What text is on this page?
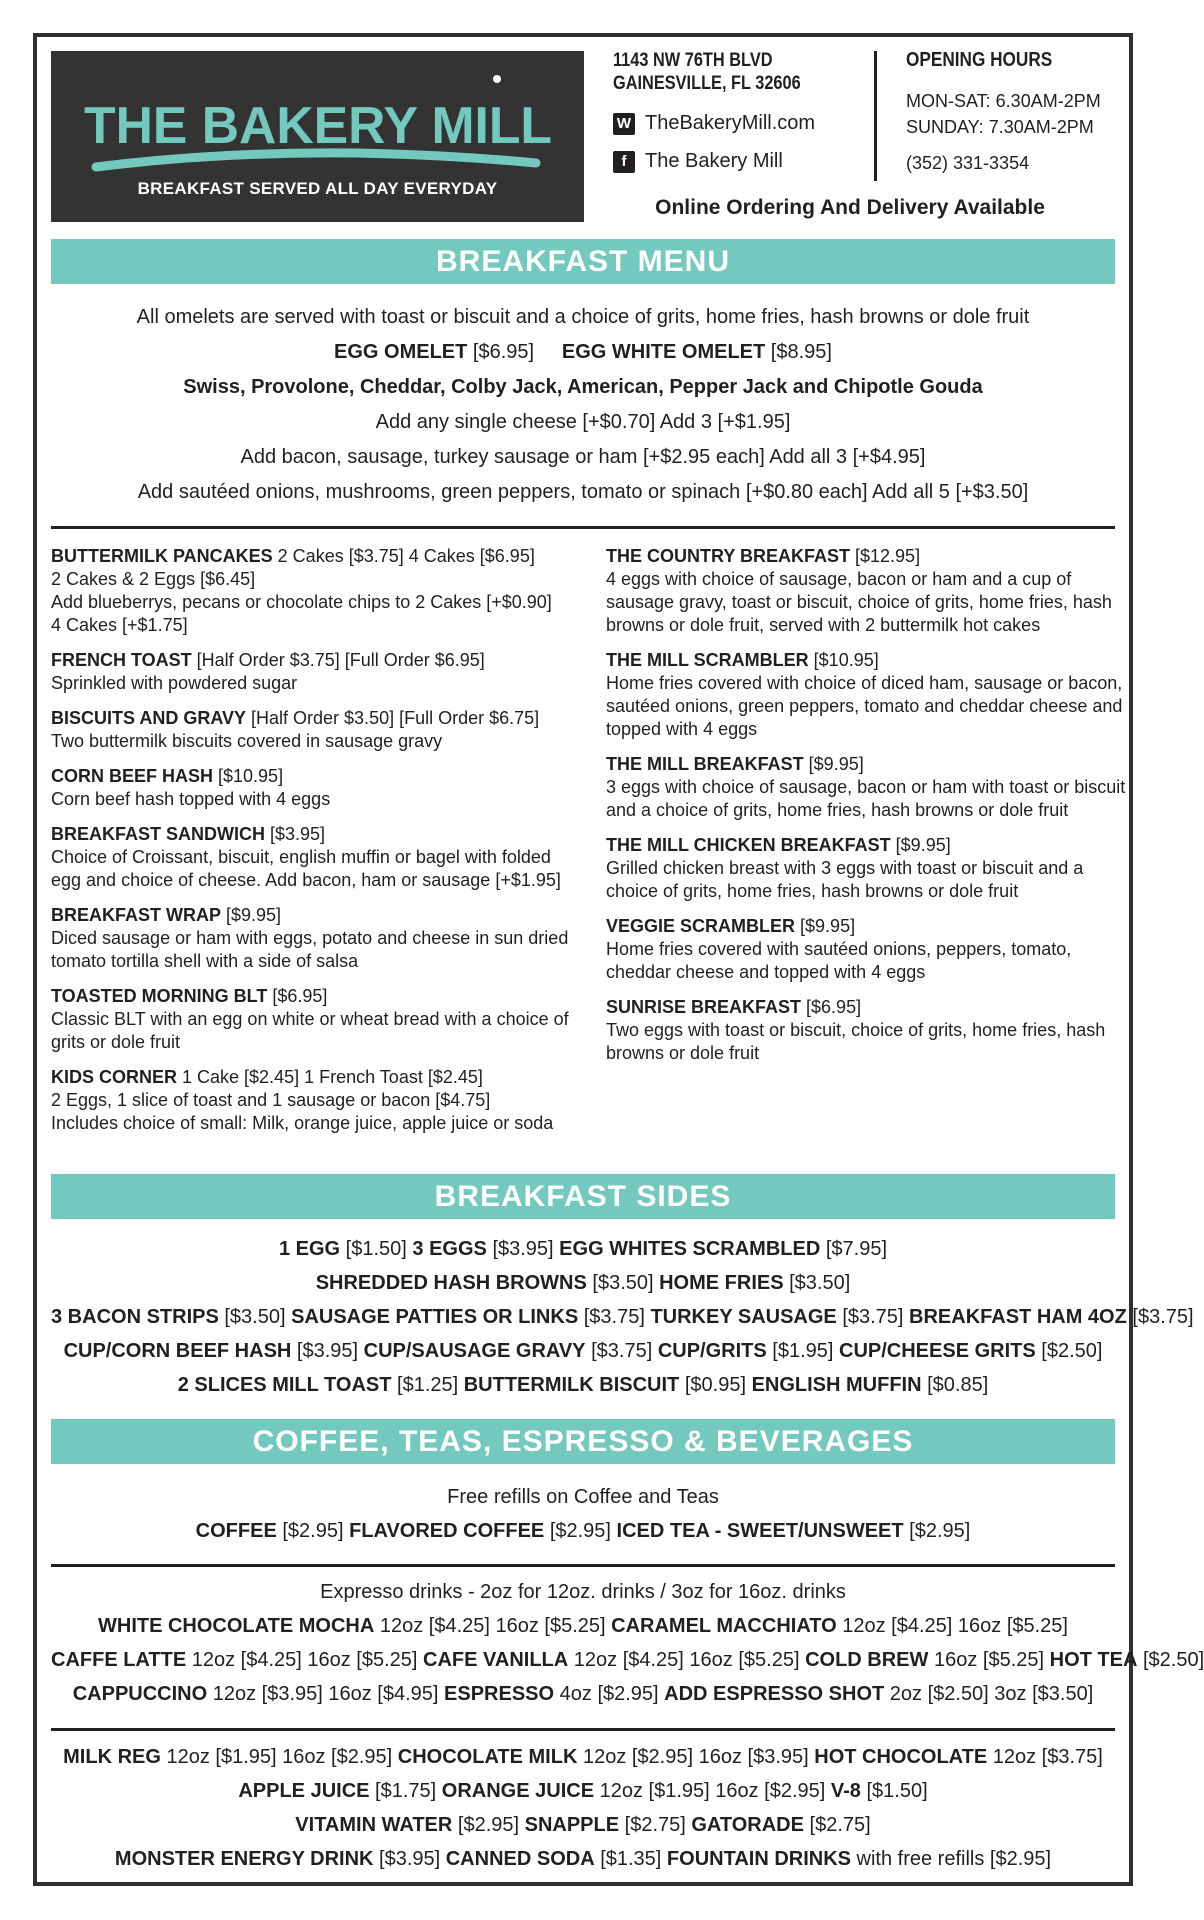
THE BAKERY MILL
BREAKFAST SERVED ALL DAY EVERYDAY
1143 NW 76TH BLVD
GAINESVILLE, FL 32606
W TheBakeryMill.com
f The Bakery Mill
OPENING HOURS
MON-SAT: 6.30AM-2PM
SUNDAY: 7.30AM-2PM
(352) 331-3354
Online Ordering And Delivery Available
BREAKFAST MENU
All omelets are served with toast or biscuit and a choice of grits, home fries, hash browns or dole fruit
EGG OMELET [$6.95] EGG WHITE OMELET [$8.95]
Swiss, Provolone, Cheddar, Colby Jack, American, Pepper Jack and Chipotle Gouda
Add any single cheese [+$0.70] Add 3 [+$1.95]
Add bacon, sausage, turkey sausage or ham [+$2.95 each] Add all 3 [+$4.95]
Add sautéed onions, mushrooms, green peppers, tomato or spinach [+$0.80 each] Add all 5 [+$3.50]
BUTTERMILK PANCAKES 2 Cakes [$3.75] 4 Cakes [$6.95]
2 Cakes & 2 Eggs [$6.45]
Add blueberrys, pecans or chocolate chips to 2 Cakes [+$0.90]
4 Cakes [+$1.75]
FRENCH TOAST [Half Order $3.75] [Full Order $6.95]
Sprinkled with powdered sugar
BISCUITS AND GRAVY [Half Order $3.50] [Full Order $6.75]
Two buttermilk biscuits covered in sausage gravy
CORN BEEF HASH [$10.95]
Corn beef hash topped with 4 eggs
BREAKFAST SANDWICH [$3.95]
Choice of Croissant, biscuit, english muffin or bagel with folded
egg and choice of cheese. Add bacon, ham or sausage [+$1.95]
BREAKFAST WRAP [$9.95]
Diced sausage or ham with eggs, potato and cheese in sun dried
tomato tortilla shell with a side of salsa
TOASTED MORNING BLT [$6.95]
Classic BLT with an egg on white or wheat bread with a choice of
grits or dole fruit
KIDS CORNER 1 Cake [$2.45] 1 French Toast [$2.45]
2 Eggs, 1 slice of toast and 1 sausage or bacon [$4.75]
Includes choice of small: Milk, orange juice, apple juice or soda
THE COUNTRY BREAKFAST [$12.95]
4 eggs with choice of sausage, bacon or ham and a cup of
sausage gravy, toast or biscuit, choice of grits, home fries, hash
browns or dole fruit, served with 2 buttermilk hot cakes
THE MILL SCRAMBLER [$10.95]
Home fries covered with choice of diced ham, sausage or bacon,
sautéed onions, green peppers, tomato and cheddar cheese and
topped with 4 eggs
THE MILL BREAKFAST [$9.95]
3 eggs with choice of sausage, bacon or ham with toast or biscuit
and a choice of grits, home fries, hash browns or dole fruit
THE MILL CHICKEN BREAKFAST [$9.95]
Grilled chicken breast with 3 eggs with toast or biscuit and a
choice of grits, home fries, hash browns or dole fruit
VEGGIE SCRAMBLER [$9.95]
Home fries covered with sautéed onions, peppers, tomato,
cheddar cheese and topped with 4 eggs
SUNRISE BREAKFAST [$6.95]
Two eggs with toast or biscuit, choice of grits, home fries, hash
browns or dole fruit
BREAKFAST SIDES
1 EGG [$1.50] 3 EGGS [$3.95] EGG WHITES SCRAMBLED [$7.95]
SHREDDED HASH BROWNS [$3.50] HOME FRIES [$3.50]
3 BACON STRIPS [$3.50] SAUSAGE PATTIES OR LINKS [$3.75] TURKEY SAUSAGE [$3.75] BREAKFAST HAM 4OZ [$3.75]
CUP/CORN BEEF HASH [$3.95] CUP/SAUSAGE GRAVY [$3.75] CUP/GRITS [$1.95] CUP/CHEESE GRITS [$2.50]
2 SLICES MILL TOAST [$1.25] BUTTERMILK BISCUIT [$0.95] ENGLISH MUFFIN [$0.85]
COFFEE, TEAS, ESPRESSO & BEVERAGES
Free refills on Coffee and Teas
COFFEE [$2.95] FLAVORED COFFEE [$2.95] ICED TEA - SWEET/UNSWEET [$2.95]
Expresso drinks - 2oz for 12oz. drinks / 3oz for 16oz. drinks
WHITE CHOCOLATE MOCHA 12oz [$4.25] 16oz [$5.25] CARAMEL MACCHIATO 12oz [$4.25] 16oz [$5.25]
CAFFE LATTE 12oz [$4.25] 16oz [$5.25] CAFE VANILLA 12oz [$4.25] 16oz [$5.25] COLD BREW 16oz [$5.25] HOT TEA [$2.50]
CAPPUCCINO 12oz [$3.95] 16oz [$4.95] ESPRESSO 4oz [$2.95] ADD ESPRESSO SHOT 2oz [$2.50] 3oz [$3.50]
MILK REG 12oz [$1.95] 16oz [$2.95] CHOCOLATE MILK 12oz [$2.95] 16oz [$3.95] HOT CHOCOLATE 12oz [$3.75]
APPLE JUICE [$1.75] ORANGE JUICE 12oz [$1.95] 16oz [$2.95] V-8 [$1.50]
VITAMIN WATER [$2.95] SNAPPLE [$2.75] GATORADE [$2.75]
MONSTER ENERGY DRINK [$3.95] CANNED SODA [$1.35] FOUNTAIN DRINKS with free refills [$2.95]
